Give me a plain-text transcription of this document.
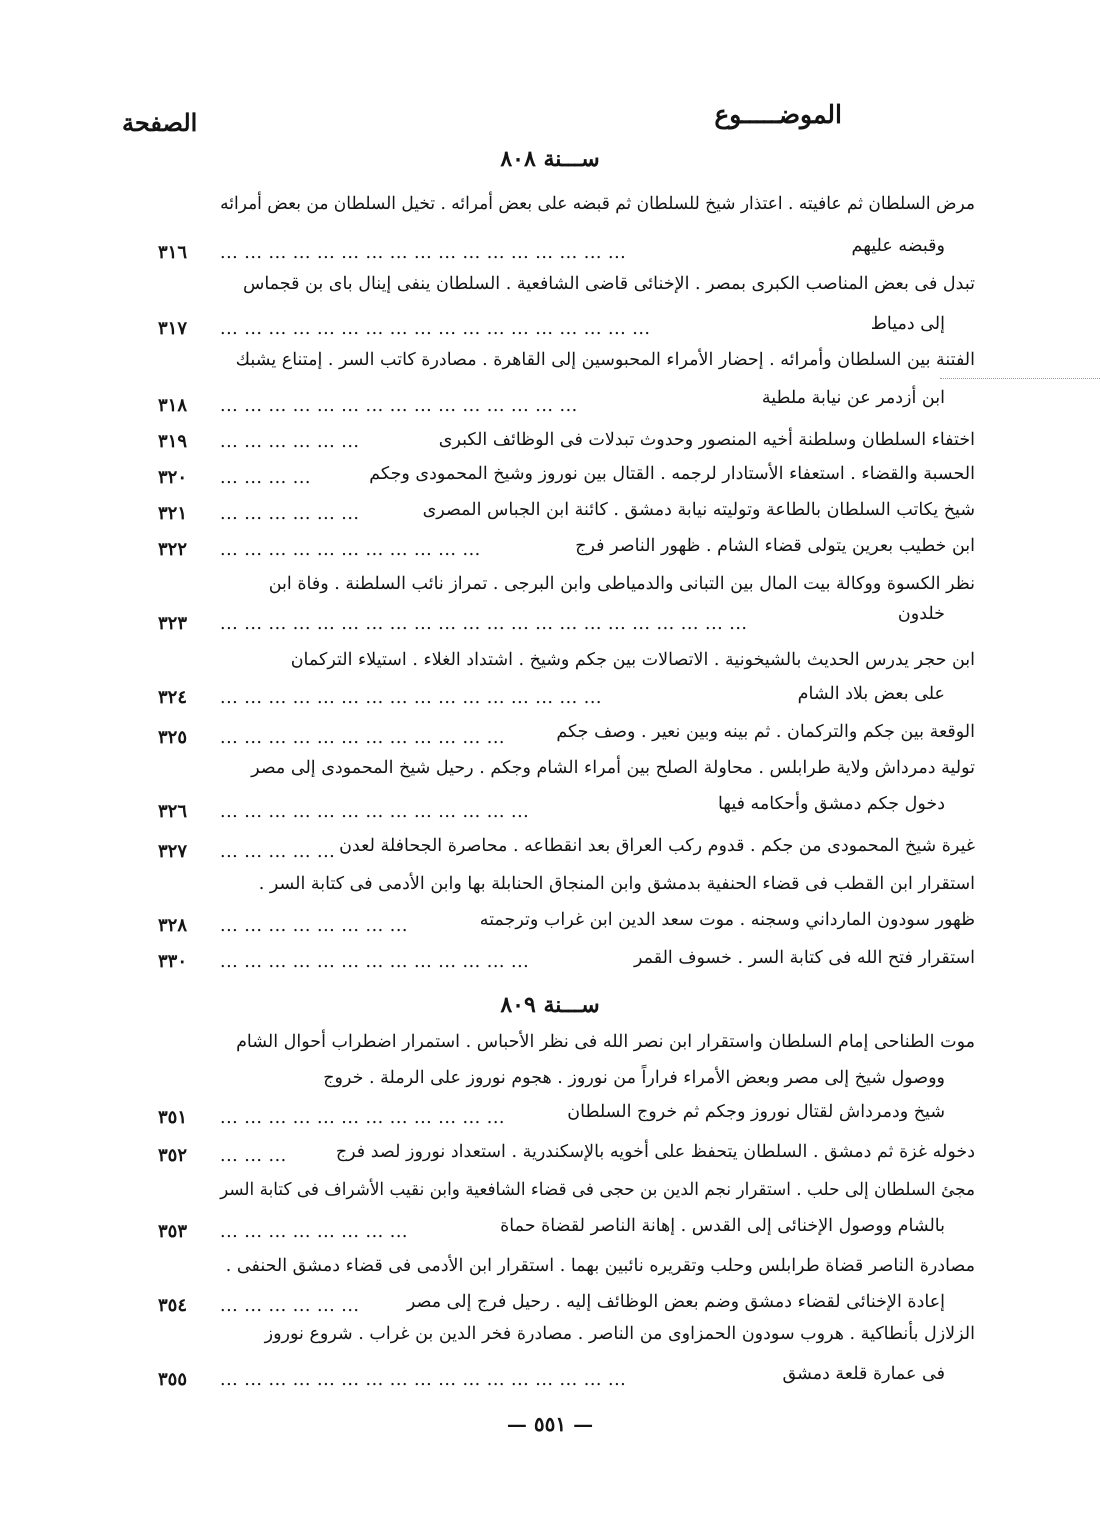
الموضـــــوع
الصفحة
ســـنة ٨٠٨
مرض السلطان ثم عافيته . اعتذار شيخ للسلطان ثم قبضه على بعض أمرائه . تخيل السلطان من بعض أمرائه
وقبضه عليهم
... ... ... ... ... ... ... ... ... ... ... ... ... ... ... ... ...
٣١٦
تبدل فى بعض المناصب الكبرى بمصر . الإخنائى قاضى الشافعية . السلطان ينفى إينال باى بن قجماس
إلى دمياط
... ... ... ... ... ... ... ... ... ... ... ... ... ... ... ... ... ...
٣١٧
الفتنة بين السلطان وأمرائه . إحضار الأمراء المحبوسين إلى القاهرة . مصادرة كاتب السر . إمتناع يشبك
ابن أزدمر عن نيابة ملطية
... ... ... ... ... ... ... ... ... ... ... ... ... ... ...
٣١٨
اختفاء السلطان وسلطنة أخيه المنصور وحدوث تبدلات فى الوظائف الكبرى
... ... ... ... ... ...
٣١٩
الحسبة والقضاء . استعفاء الأستادار لرجمه . القتال بين نوروز وشيخ المحمودى وجكم
... ... ... ...
٣٢٠
شيخ يكاتب السلطان بالطاعة وتوليته نيابة دمشق . كائنة ابن الجباس المصرى
... ... ... ... ... ...
٣٢١
ابن خطيب بعرين يتولى قضاء الشام . ظهور الناصر فرج
... ... ... ... ... ... ... ... ... ... ...
٣٢٢
نظر الكسوة ووكالة بيت المال بين التبانى والدمياطى وابن البرجى . تمراز نائب السلطنة . وفاة ابن
خلدون
... ... ... ... ... ... ... ... ... ... ... ... ... ... ... ... ... ... ... ... ... ...
٣٢٣
ابن حجر يدرس الحديث بالشيخونية . الاتصالات بين جكم وشيخ . اشتداد الغلاء . استيلاء التركمان
على بعض بلاد الشام
... ... ... ... ... ... ... ... ... ... ... ... ... ... ... ...
٣٢٤
الوقعة بين جكم والتركمان . ثم بينه وبين نعير . وصف جكم
... ... ... ... ... ... ... ... ... ... ... ...
٣٢٥
تولية دمرداش ولاية طرابلس . محاولة الصلح بين أمراء الشام وجكم . رحيل شيخ المحمودى إلى مصر
دخول جكم دمشق وأحكامه فيها
... ... ... ... ... ... ... ... ... ... ... ... ...
٣٢٦
غيرة شيخ المحمودى من جكم . قدوم ركب العراق بعد انقطاعه . محاصرة الجحافلة لعدن
... ... ... ... ...
٣٢٧
استقرار ابن القطب فى قضاء الحنفية بدمشق وابن المنجاق الحنابلة بها وابن الأدمى فى كتابة السر .
ظهور سودون المارداني وسجنه . موت سعد الدين ابن غراب وترجمته
... ... ... ... ... ... ... ...
٣٢٨
استقرار فتح الله فى كتابة السر . خسوف القمر
... ... ... ... ... ... ... ... ... ... ... ... ...
٣٣٠
ســـنة ٨٠٩
موت الطناحى إمام السلطان واستقرار ابن نصر الله فى نظر الأحباس . استمرار اضطراب أحوال الشام
ووصول شيخ إلى مصر وبعض الأمراء فراراً من نوروز . هجوم نوروز على الرملة . خروج
شيخ ودمرداش لقتال نوروز وجكم ثم خروج السلطان
... ... ... ... ... ... ... ... ... ... ... ...
٣٥١
دخوله غزة ثم دمشق . السلطان يتحفظ على أخويه بالإسكندرية . استعداد نوروز لصد فرج
... ... ...
٣٥٢
مجئ السلطان إلى حلب . استقرار نجم الدين بن حجى فى قضاء الشافعية وابن نقيب الأشراف فى كتابة السر
بالشام ووصول الإخنائى إلى القدس . إهانة الناصر لقضاة حماة
... ... ... ... ... ... ... ...
٣٥٣
مصادرة الناصر قضاة طرابلس وحلب وتقريره نائبين بهما . استقرار ابن الأدمى فى قضاء دمشق الحنفى .
إعادة الإخنائى لقضاء دمشق وضم بعض الوظائف إليه . رحيل فرج إلى مصر
... ... ... ... ... ...
٣٥٤
الزلازل بأنطاكية . هروب سودون الحمزاوى من الناصر . مصادرة فخر الدين بن غراب . شروع نوروز
فى عمارة قلعة دمشق
... ... ... ... ... ... ... ... ... ... ... ... ... ... ... ... ...
٣٥٥
— ٥٥١ —
